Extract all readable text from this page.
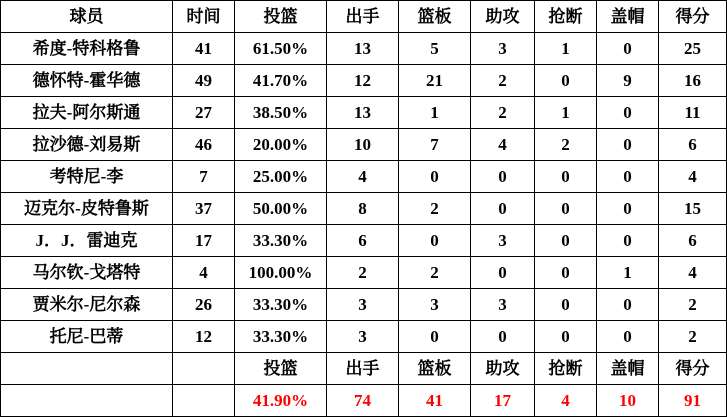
球员	时间	投篮	出手	篮板	助攻	抢断	盖帽	得分
希度-特科格鲁	41	61.50%	13	5	3	1	0	25
德怀特-霍华德	49	41.70%	12	21	2	0	9	16
拉夫-阿尔斯通	27	38.50%	13	1	2	1	0	11
拉沙德-刘易斯	46	20.00%	10	7	4	2	0	6
考特尼-李	7	25.00%	4	0	0	0	0	4
迈克尔-皮特鲁斯	37	50.00%	8	2	0	0	0	15
J．J．雷迪克	17	33.30%	6	0	3	0	0	6
马尔钦-戈塔特	4	100.00%	2	2	0	0	1	4
贾米尔-尼尔森	26	33.30%	3	3	3	0	0	2
托尼-巴蒂	12	33.30%	3	0	0	0	0	2
		投篮	出手	篮板	助攻	抢断	盖帽	得分
		41.90%	74	41	17	4	10	91
